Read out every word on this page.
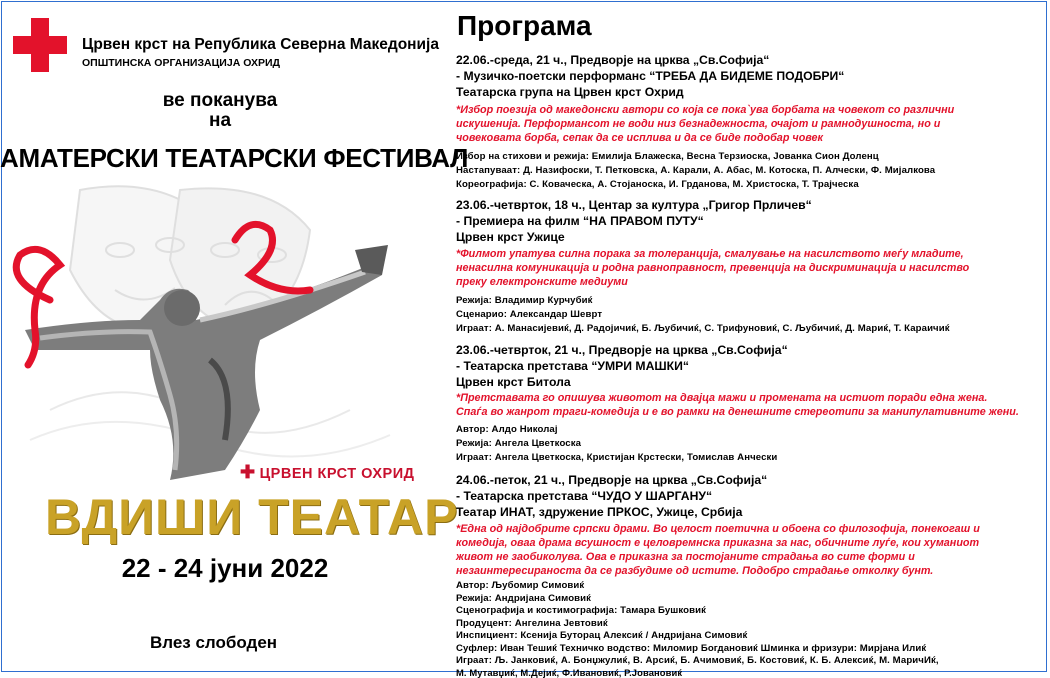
Црвен крст на Република Северна Македонија
ОПШТИНСКА ОРГАНИЗАЦИЈА ОХРИД
ве поканува
на
АМАТЕРСКИ ТЕАТАРСКИ ФЕСТИВАЛ
✚ ЦРВЕН КРСТ ОХРИД
ВДИШИ ТЕАТАР
22 - 24 јуни 2022
Влез слободен
Програма
22.06.-среда, 21 ч., Предворје на црква „Св.Софија“
- Музичко-поетски перформанс “ТРЕБА ДА БИДЕМЕ ПОДОБРИ“
Театарска група на Црвен крст Охрид
*Избор поезија од македонски автори со која се пока`ува борбата на човекот со различни
искушенија. Перформансот не води низ безнадежноста, очајот и рамнодушноста, но и
човековата борба, сепак да се исплива и да се биде подобар човек
Избор на стихови и режија: Емилија Блажеска, Весна Терзиоска, Јованка Сион Доленц
Настапуваат: Д. Назифоски, Т. Петковска, А. Карали, А. Абас, М. Котоска, П. Алчески, Ф. Мијалкова
Кореографија: С. Коваческа, А. Стојаноска, И. Грданова, М. Христоска, Т. Трајческа
23.06.-четврток, 18 ч., Центар за култура „Григор Прличев“
- Премиера на филм “НА ПРАВОМ ПУТУ“
Црвен крст Ужице
*Филмот упатува силна порака за толеранција, смалување на насилството меѓу младите,
ненасилна комуникација и родна равноправност, превенција на дискриминација и насилство
преку електронските медиуми
Режија: Владимир Курчубиќ
Сценарио: Александар Шеврт
Играат: А. Манасијевиќ, Д. Радојичиќ, Б. Љубичиќ, С. Трифуновиќ, С. Љубичиќ, Д. Мариќ, Т. Караичиќ
23.06.-четврток, 21 ч., Предворје на црква „Св.Софија“
- Театарска претстава “УМРИ МАШКИ“
Црвен крст Битола
*Претставата го опишува животот на двајца мажи и промената на истиот поради една жена.
Спаѓа во жанрот траги-комедија и е во рамки на денешните стереотипи за манипулативните жени.
Автор: Алдо Николај
Режија: Ангела Цветкоска
Играат: Ангела Цветкоска, Кристијан Крстески, Томислав Анчески
24.06.-петок, 21 ч., Предворје на црква „Св.Софија“
- Театарска претстава “ЧУДО У ШАРГАНУ“
Театар ИНАТ, здружение ПРКОС, Ужице, Србија
*Една од најдобрите српски драми. Во целост поетична и обоена со филозофија, понекогаш и
комедија, оваа драма всушност е целовремнска приказна за нас, обичните луѓе, кои хуманиот
живот не заобиколува. Ова е приказна за постојаните страдања во сите форми и
незаинтересираноста да се разбудиме од истите. Подобро страдање отколку бунт.
Автор: Љубомир Симовиќ
Режија: Андријана Симовиќ
Сценографија и костимографија: Тамара Бушковиќ
Продуцент: Ангелина Јевтовиќ
Инспициент: Ксенија Буторац Алексиќ / Андријана Симовиќ
Суфлер: Иван Тешиќ Техничко водство: Миломир Богдановиќ Шминка и фризури: Мирјана Илиќ
Играат: Љ. Јанковиќ, А. Бонџжулиќ, В. Арсиќ, Б. Ачимовиќ, Б. Костовиќ, К. Б. Алексиќ, М. МаричИќ,
М. Мутавџиќ, М.Дејиќ, Ф.Ивановиќ, Р.Јовановиќ
